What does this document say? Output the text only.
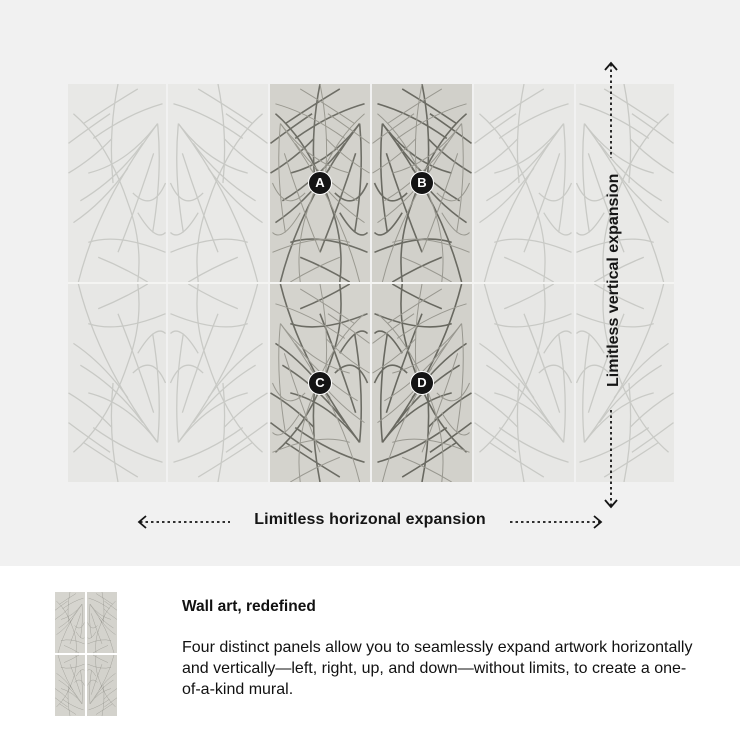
A	B
C	D
Limitless horizonal expansion
Limitless vertical expansion
Wall art, redefined
Four distinct panels allow you to seamlessly expand artwork horizontally and vertically—left, right, up, and down—without limits, to create a one-of-a-kind mural.
